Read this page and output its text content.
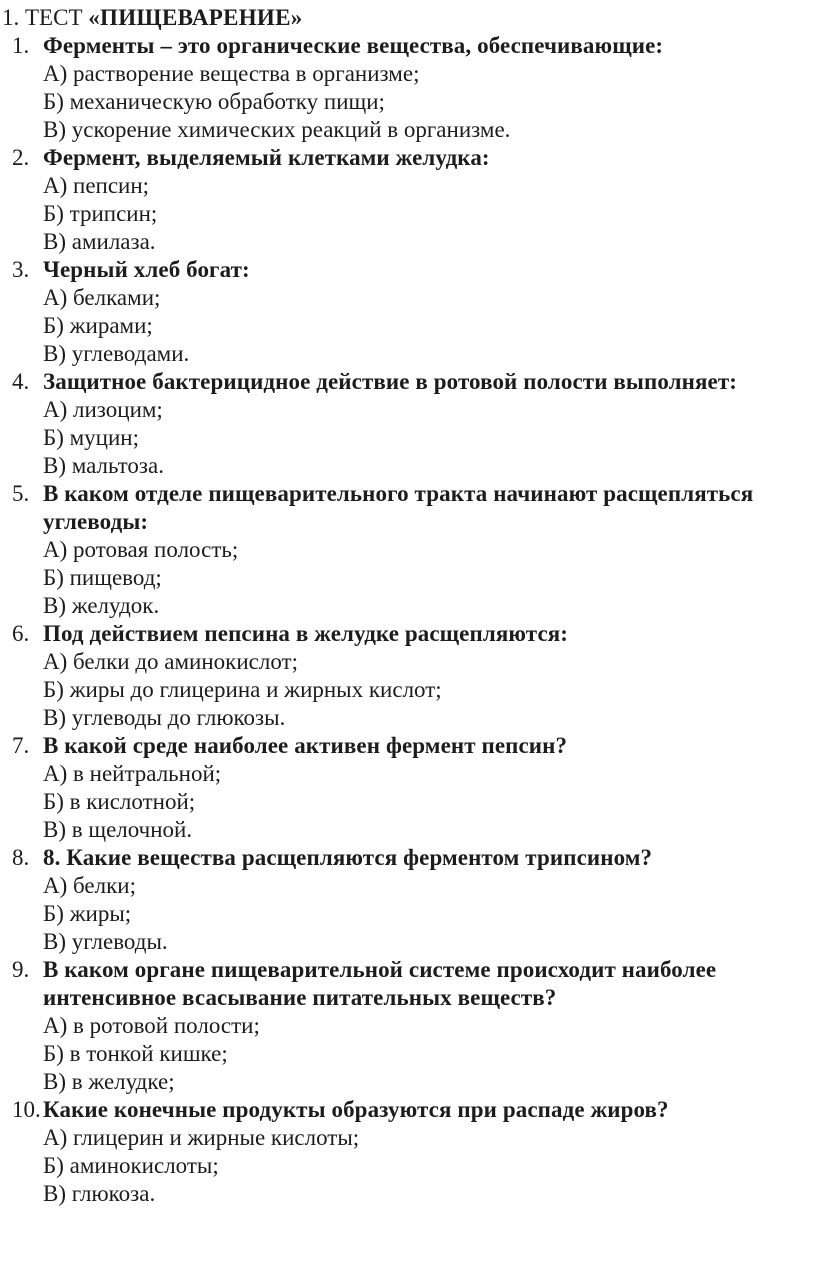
1. ТЕСТ «ПИЩЕВАРЕНИЕ»
1. Ферменты – это органические вещества, обеспечивающие:
А) растворение вещества в организме;
Б) механическую обработку пищи;
В) ускорение химических реакций в организме.
2. Фермент, выделяемый клетками желудка:
А) пепсин;
Б) трипсин;
В) амилаза.
3. Черный хлеб богат:
А) белками;
Б) жирами;
В) углеводами.
4. Защитное бактерицидное действие в ротовой полости выполняет:
А) лизоцим;
Б) муцин;
В) мальтоза.
5. В каком отделе пищеварительного тракта начинают расщепляться углеводы:
А) ротовая полость;
Б) пищевод;
В) желудок.
6. Под действием пепсина в желудке расщепляются:
А) белки до аминокислот;
Б) жиры до глицерина и жирных кислот;
В) углеводы до глюкозы.
7. В какой среде наиболее активен фермент пепсин?
А) в нейтральной;
Б) в кислотной;
В) в щелочной.
8. 8. Какие вещества расщепляются ферментом трипсином?
А) белки;
Б) жиры;
В) углеводы.
9. В каком органе пищеварительной системе происходит наиболее интенсивное всасывание питательных веществ?
А) в ротовой полости;
Б) в тонкой кишке;
В) в желудке;
10. Какие конечные продукты образуются при распаде жиров?
А) глицерин и жирные кислоты;
Б) аминокислоты;
В) глюкоза.
